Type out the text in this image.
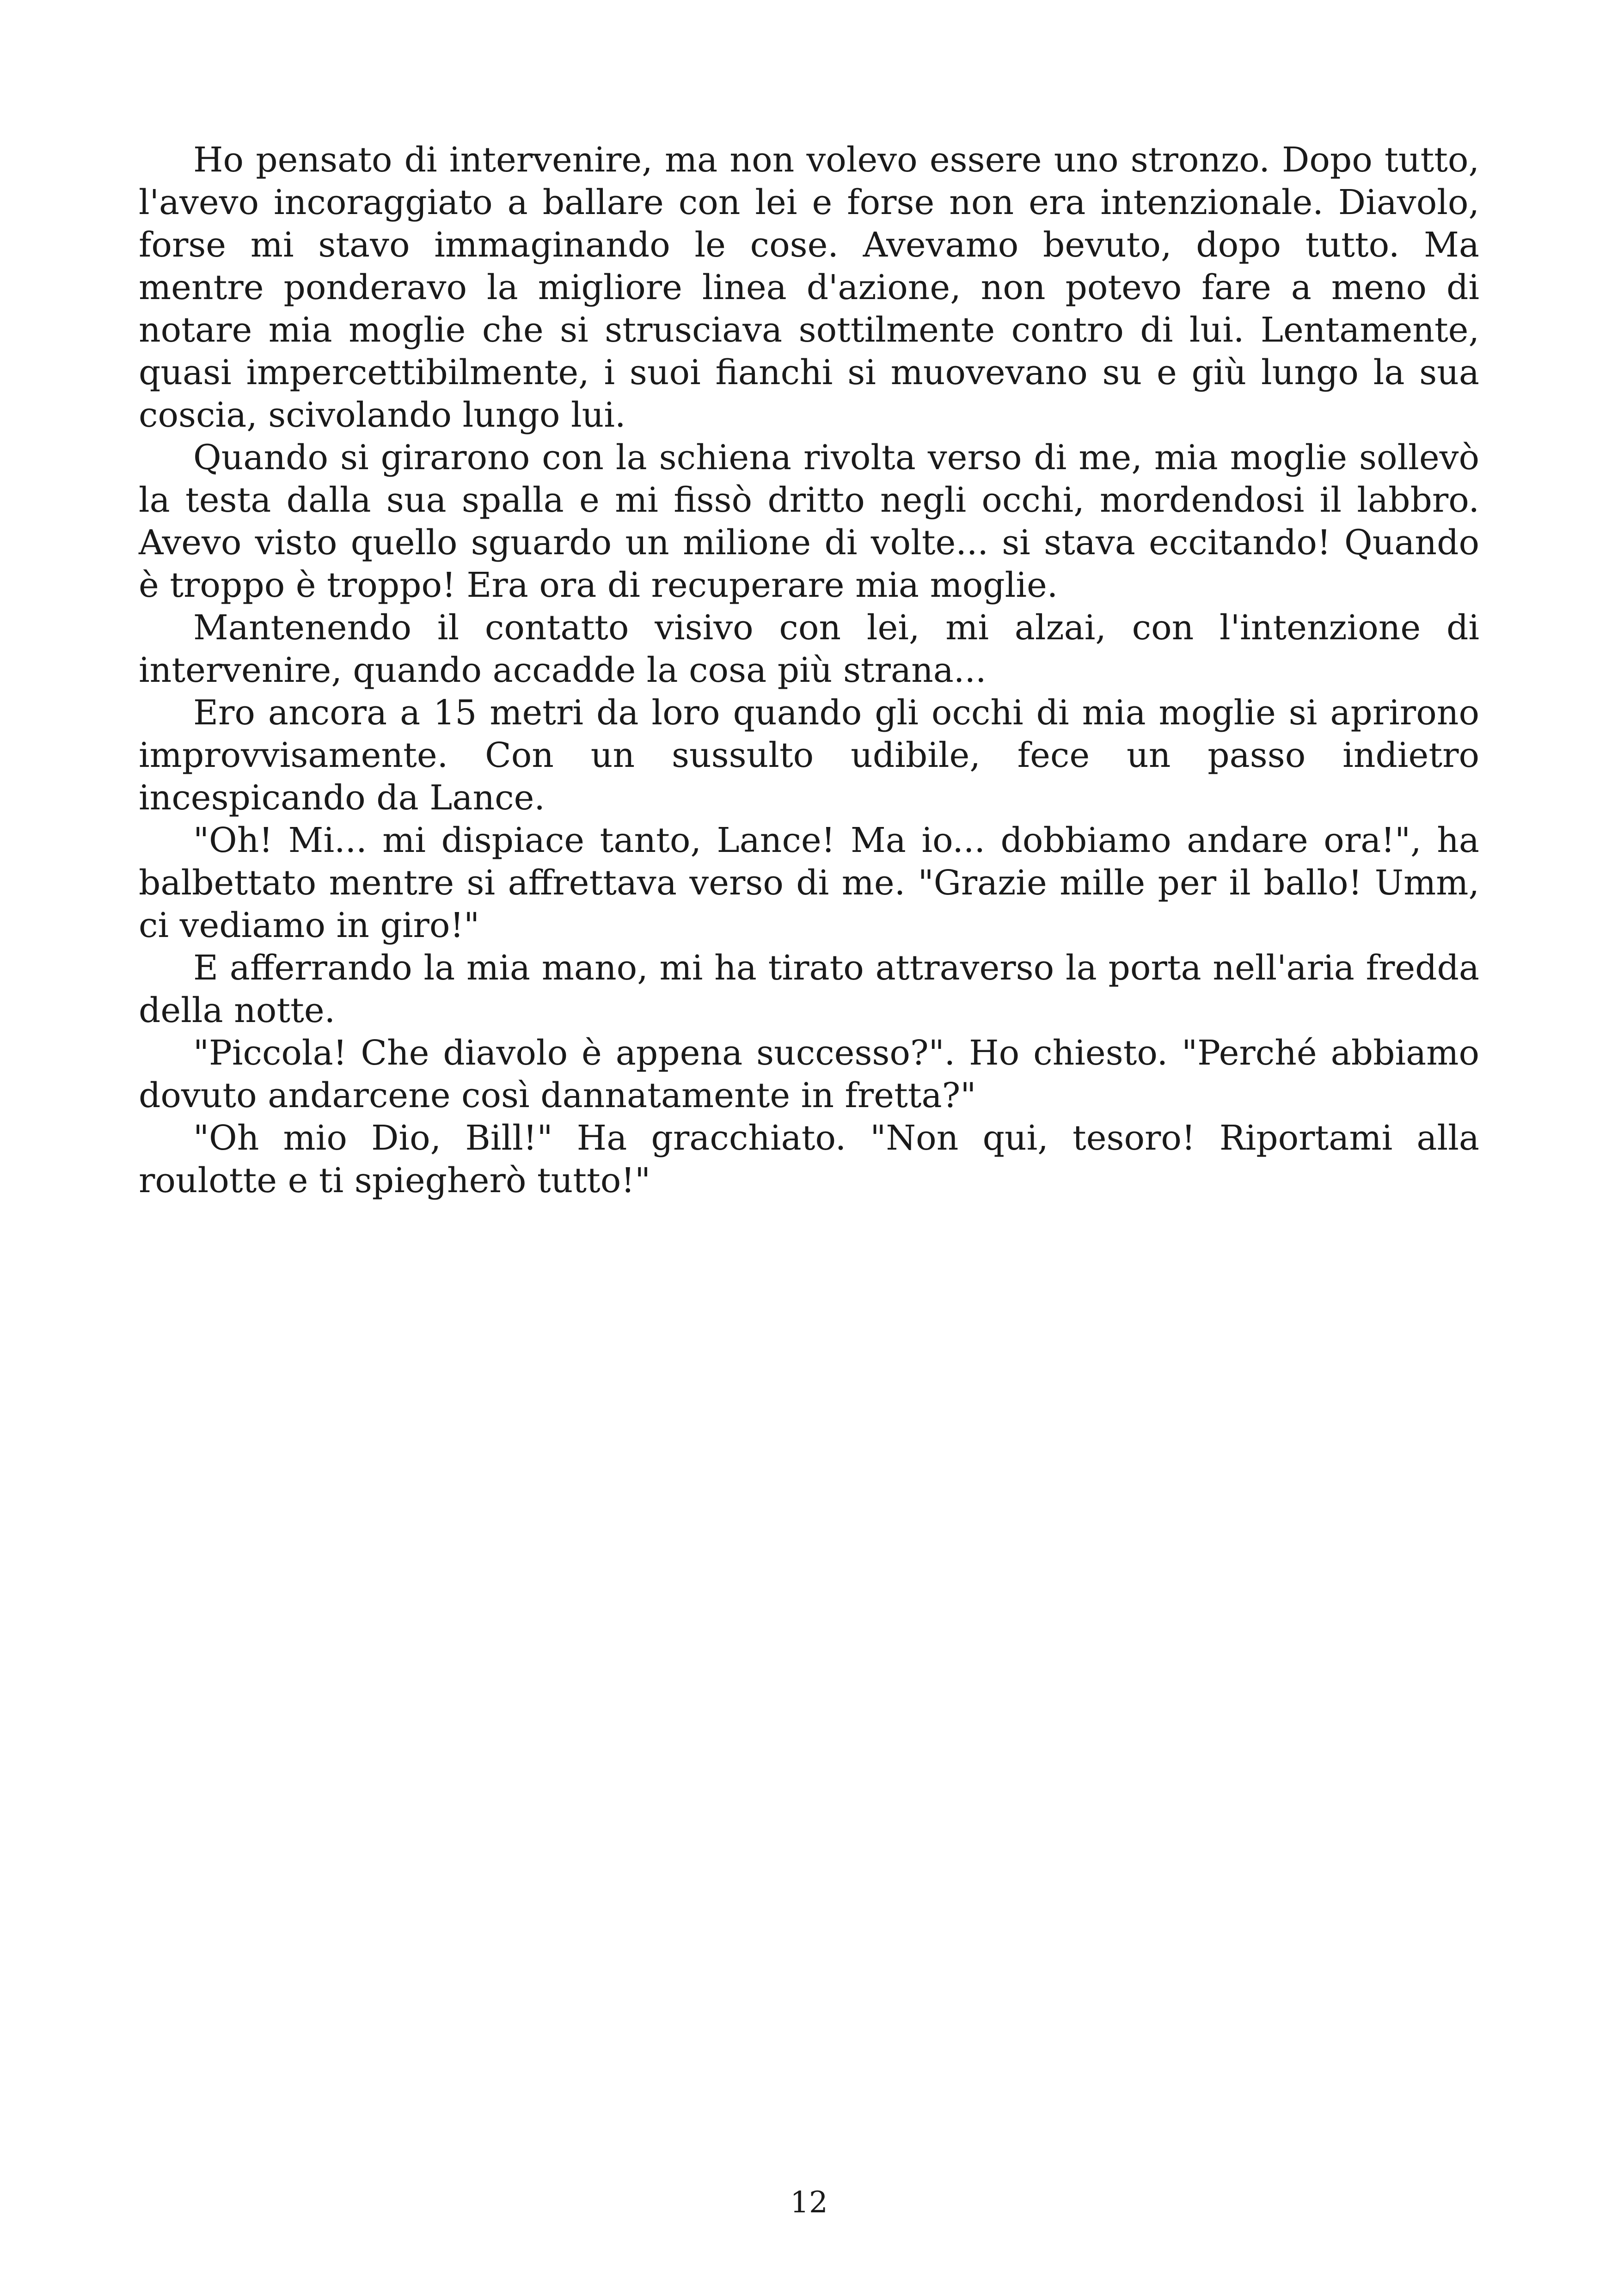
Ho pensato di intervenire, ma non volevo essere uno stronzo. Dopo tutto, l'avevo incoraggiato a ballare con lei e forse non era intenzionale. Diavolo, forse mi stavo immaginando le cose. Avevamo bevuto, dopo tutto. Ma mentre ponderavo la migliore linea d'azione, non potevo fare a meno di notare mia moglie che si strusciava sottilmente contro di lui. Lentamente, quasi impercettibilmente, i suoi fianchi si muovevano su e giù lungo la sua coscia, scivolando lungo lui.

Quando si girarono con la schiena rivolta verso di me, mia moglie sollevò la testa dalla sua spalla e mi fissò dritto negli occhi, mordendosi il labbro. Avevo visto quello sguardo un milione di volte... si stava eccitando! Quando è troppo è troppo! Era ora di recuperare mia moglie.

Mantenendo il contatto visivo con lei, mi alzai, con l'intenzione di intervenire, quando accadde la cosa più strana...

Ero ancora a 15 metri da loro quando gli occhi di mia moglie si aprirono improvvisamente. Con un sussulto udibile, fece un passo indietro incespicando da Lance.

"Oh! Mi... mi dispiace tanto, Lance! Ma io... dobbiamo andare ora!", ha balbettato mentre si affrettava verso di me. "Grazie mille per il ballo! Umm, ci vediamo in giro!"

E afferrando la mia mano, mi ha tirato attraverso la porta nell'aria fredda della notte.

"Piccola! Che diavolo è appena successo?". Ho chiesto. "Perché abbiamo dovuto andarcene così dannatamente in fretta?"

"Oh mio Dio, Bill!" Ha gracchiato. "Non qui, tesoro! Riportami alla roulotte e ti spiegherò tutto!"

12
